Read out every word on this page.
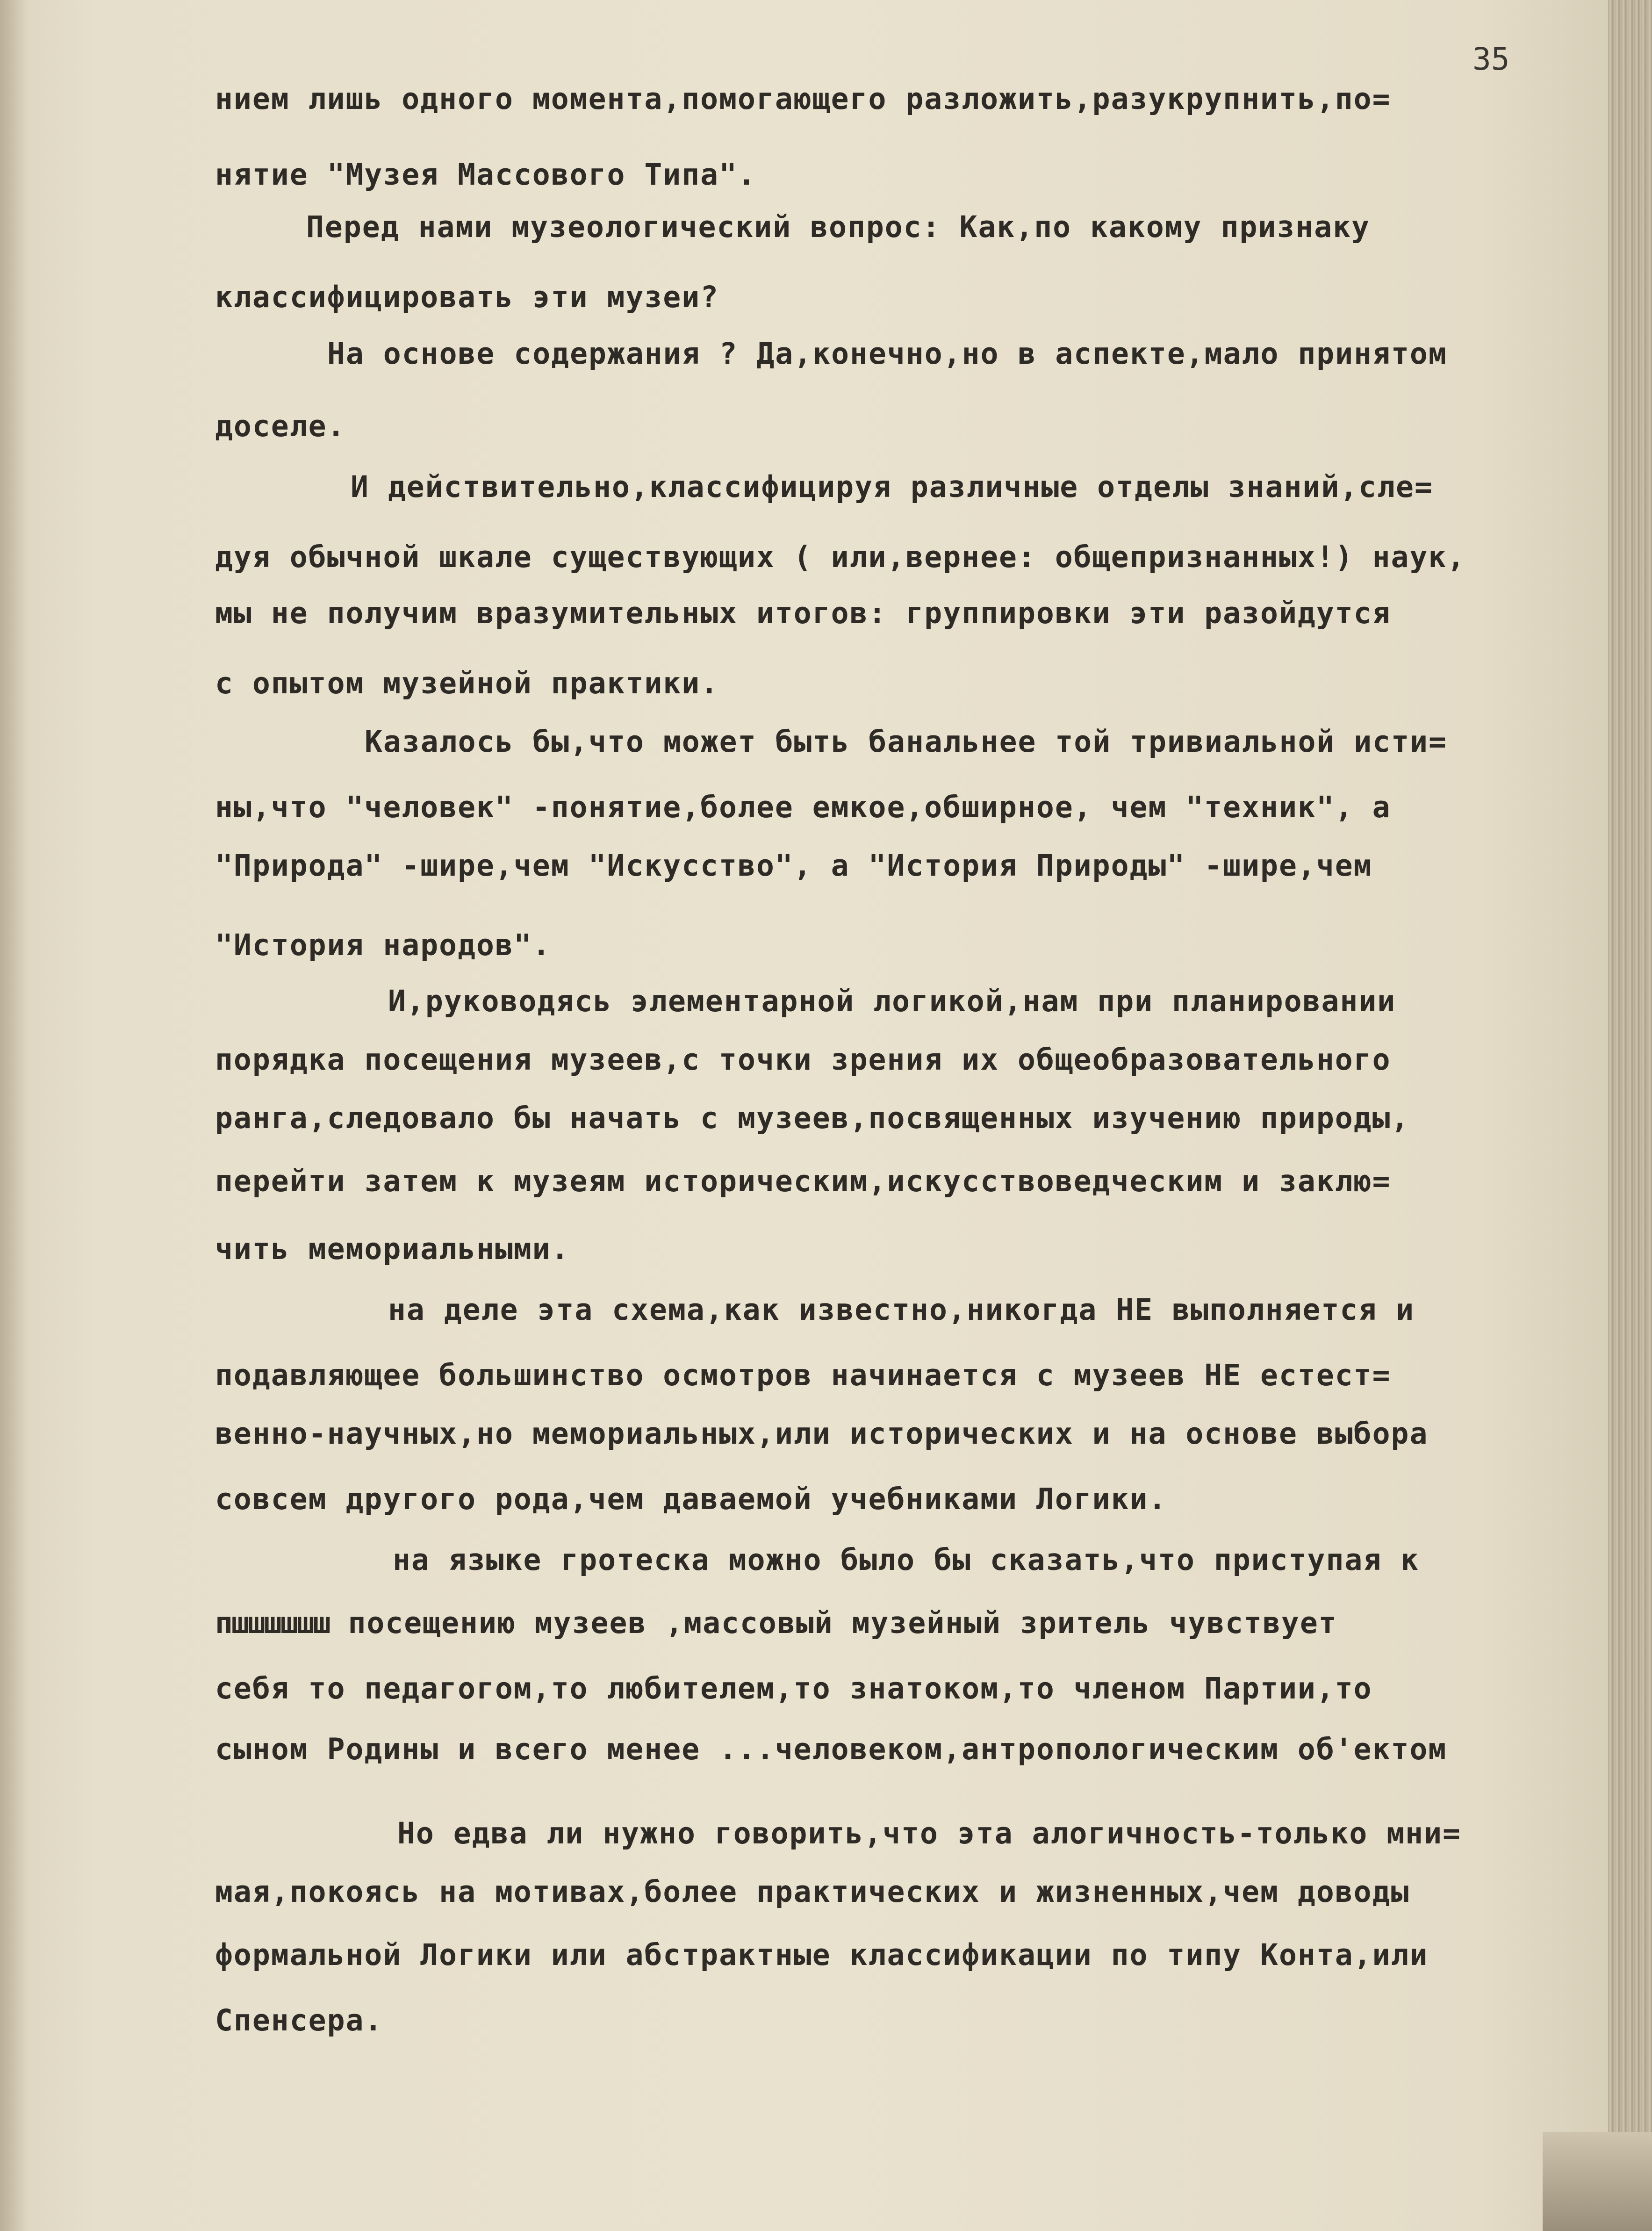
35
нием лишь одного момента,помогающего разложить,разукрупнить,по=
нятие "Музея Массового Типа".
Перед нами музеологический вопрос: Как,по какому признаку
классифицировать эти музеи?
На основе содержания ? Да,конечно,но в аспекте,мало принятом
доселе.
И действительно,классифицируя различные отделы знаний,сле=
дуя обычной шкале существующих ( или,вернее: общепризнанных!) наук,
мы не получим вразумительных итогов: группировки эти разойдутся
с опытом музейной практики.
Казалось бы,что может быть банальнее той тривиальной исти=
ны,что "человек" -понятие,более емкое,обширное, чем "техник", а
"Природа" -шире,чем "Искусство", а "История Природы" -шире,чем
"История народов".
И,руководясь элементарной логикой,нам при планировании
порядка посещения музеев,с точки зрения их общеобразовательного
ранга,следовало бы начать с музеев,посвященных изучению природы,
перейти затем к музеям историческим,искусствоведческим и заклю=
чить мемориальными.
на деле эта схема,как известно,никогда НЕ выполняется и
подавляющее большинство осмотров начинается с музеев НЕ естест=
венно-научных,но мемориальных,или исторических и на основе выбора
совсем другого рода,чем даваемой учебниками Логики.
на языке гротеска можно было бы сказать,что приступая к
пшшшшшш посещению музеев ,массовый музейный зритель чувствует
себя то педагогом,то любителем,то знатоком,то членом Партии,то
сыном Родины и всего менее ...человеком,антропологическим об'ектом
Но едва ли нужно говорить,что эта алогичность-только мни=
мая,покоясь на мотивах,более практических и жизненных,чем доводы
формальной Логики или абстрактные классификации по типу Конта,или
Спенсера.
